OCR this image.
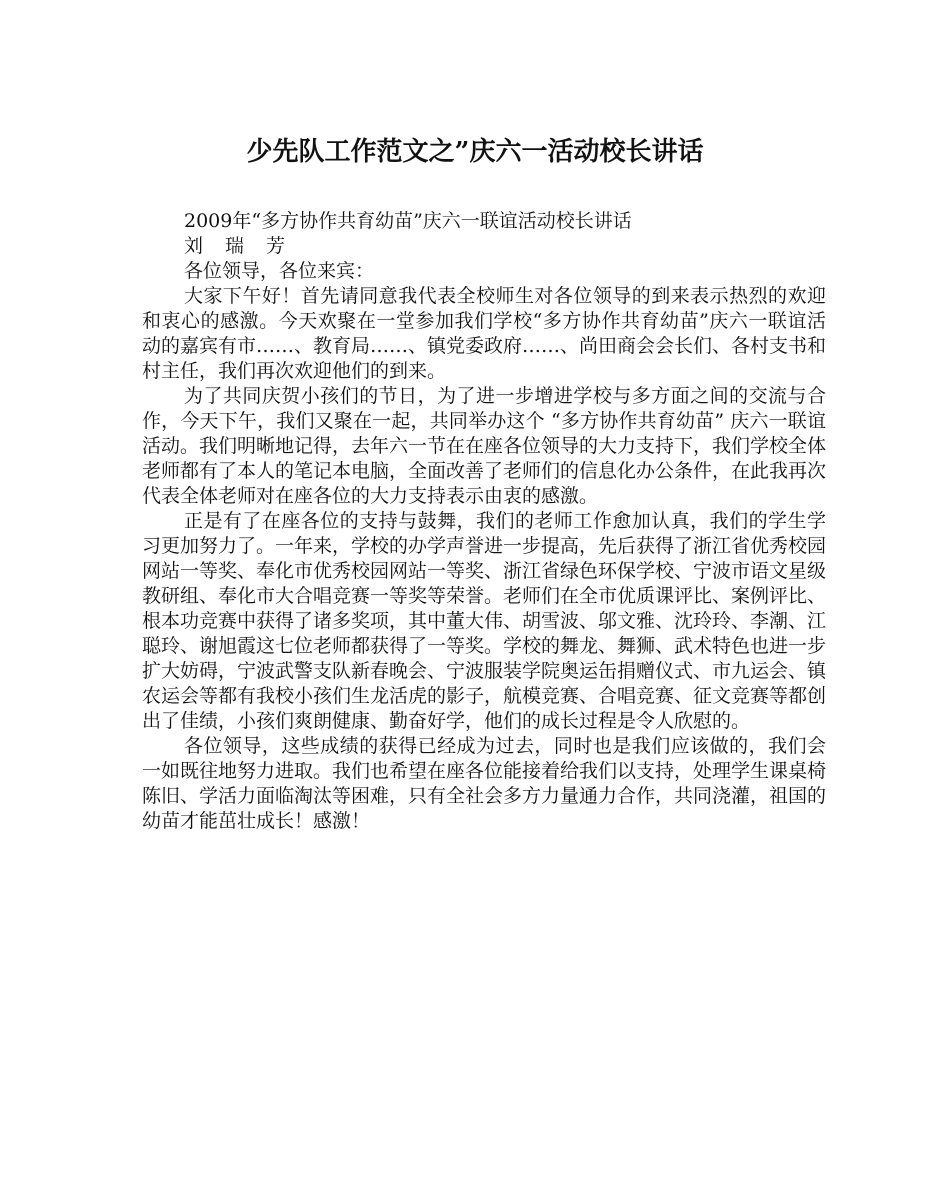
少先队工作范文之”庆六一活动校长讲话
2009年“多方协作共育幼苗”庆六一联谊活动校长讲话
刘瑞芳
各位领导，各位来宾：

大家下午好！首先请同意我代表全校师生对各位领导的到来表示热烈的欢迎和衷心的感激。今天欢聚在一堂参加我们学校“多方协作共育幼苗”庆六一联谊活动的嘉宾有市……、教育局……、镇党委政府……、尚田商会会长们、各村支书和村主任，我们再次欢迎他们的到来。

为了共同庆贺小孩们的节日，为了进一步增进学校与多方面之间的交流与合作，今天下午，我们又聚在一起，共同举办这个 “多方协作共育幼苗” 庆六一联谊活动。我们明晰地记得，去年六一节在在座各位领导的大力支持下，我们学校全体老师都有了本人的笔记本电脑，全面改善了老师们的信息化办公条件，在此我再次代表全体老师对在座各位的大力支持表示由衷的感激。

正是有了在座各位的支持与鼓舞，我们的老师工作愈加认真，我们的学生学习更加努力了。一年来，学校的办学声誉进一步提高，先后获得了浙江省优秀校园网站一等奖、奉化市优秀校园网站一等奖、浙江省绿色环保学校、宁波市语文星级教研组、奉化市大合唱竞赛一等奖等荣誉。老师们在全市优质课评比、案例评比、根本功竞赛中获得了诸多奖项，其中董大伟、胡雪波、邬文雅、沈玲玲、李潮、江聪玲、谢旭霞这七位老师都获得了一等奖。学校的舞龙、舞狮、武术特色也进一步扩大妨碍，宁波武警支队新春晚会、宁波服装学院奥运缶捐赠仪式、市九运会、镇农运会等都有我校小孩们生龙活虎的影子，航模竞赛、合唱竞赛、征文竞赛等都创出了佳绩，小孩们爽朗健康、勤奋好学，他们的成长过程是令人欣慰的。

各位领导，这些成绩的获得已经成为过去，同时也是我们应该做的，我们会一如既往地努力进取。我们也希望在座各位能接着给我们以支持，处理学生课桌椅陈旧、学活力面临淘汰等困难，只有全社会多方力量通力合作，共同浇灌，祖国的幼苗才能茁壮成长！感激！
